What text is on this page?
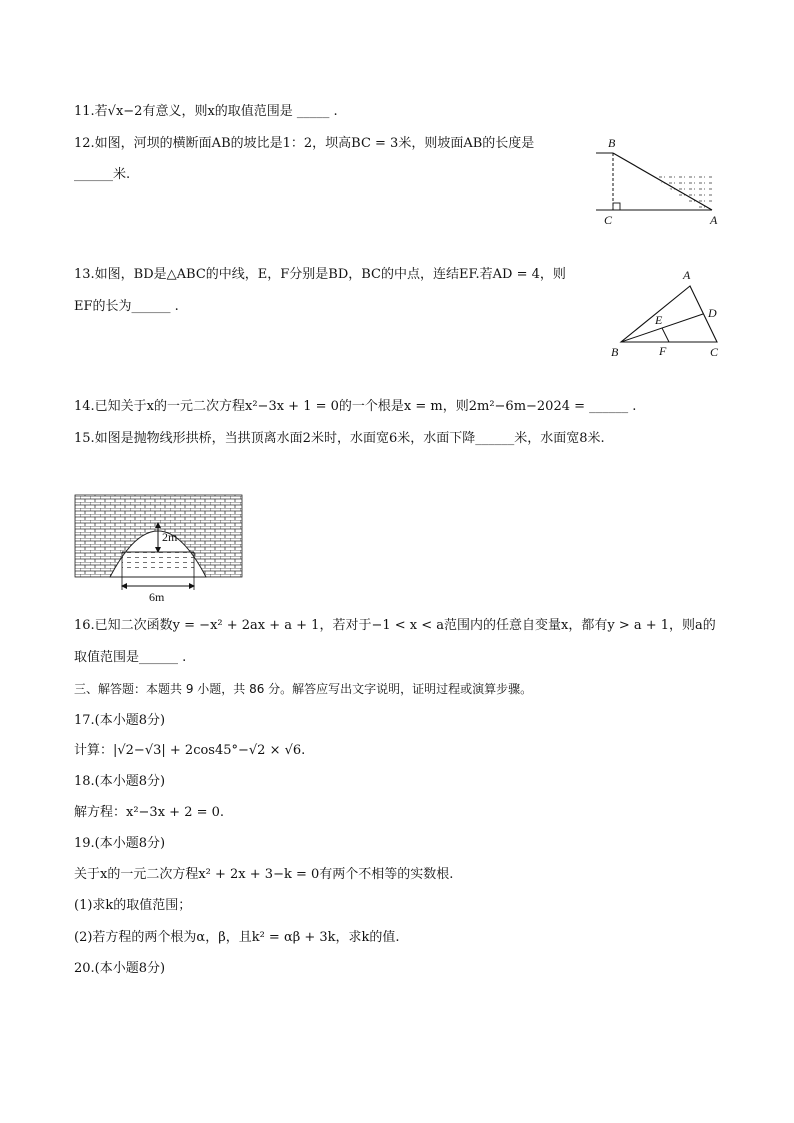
11.若√x−2有意义，则x的取值范围是 _____ .
12.如图，河坝的横断面AB的坡比是1：2，坝高BC = 3米，则坡面AB的长度是
______米.
B
C	A
13.如图，BD是△ABC的中线，E，F分别是BD，BC的中点，连结EF.若AD = 4，则
EF的长为______ .
A
B	C
D
E
F
14.已知关于x的一元二次方程x²−3x + 1 = 0的一个根是x = m，则2m²−6m−2024 = ______ .
15.如图是抛物线形拱桥，当拱顶离水面2米时，水面宽6米，水面下降______米，水面宽8米.
2m
6m
16.已知二次函数y = −x² + 2ax + a + 1，若对于−1 < x < a范围内的任意自变量x，都有y > a + 1，则a的
取值范围是______ .
三、解答题：本题共 9 小题，共 86 分。解答应写出文字说明，证明过程或演算步骤。
17.(本小题8分)
计算：|√2−√3| + 2cos45°−√2 × √6.
18.(本小题8分)
解方程：x²−3x + 2 = 0.
19.(本小题8分)
关于x的一元二次方程x² + 2x + 3−k = 0有两个不相等的实数根.
(1)求k的取值范围；
(2)若方程的两个根为α，β，且k² = αβ + 3k，求k的值.
20.(本小题8分)
